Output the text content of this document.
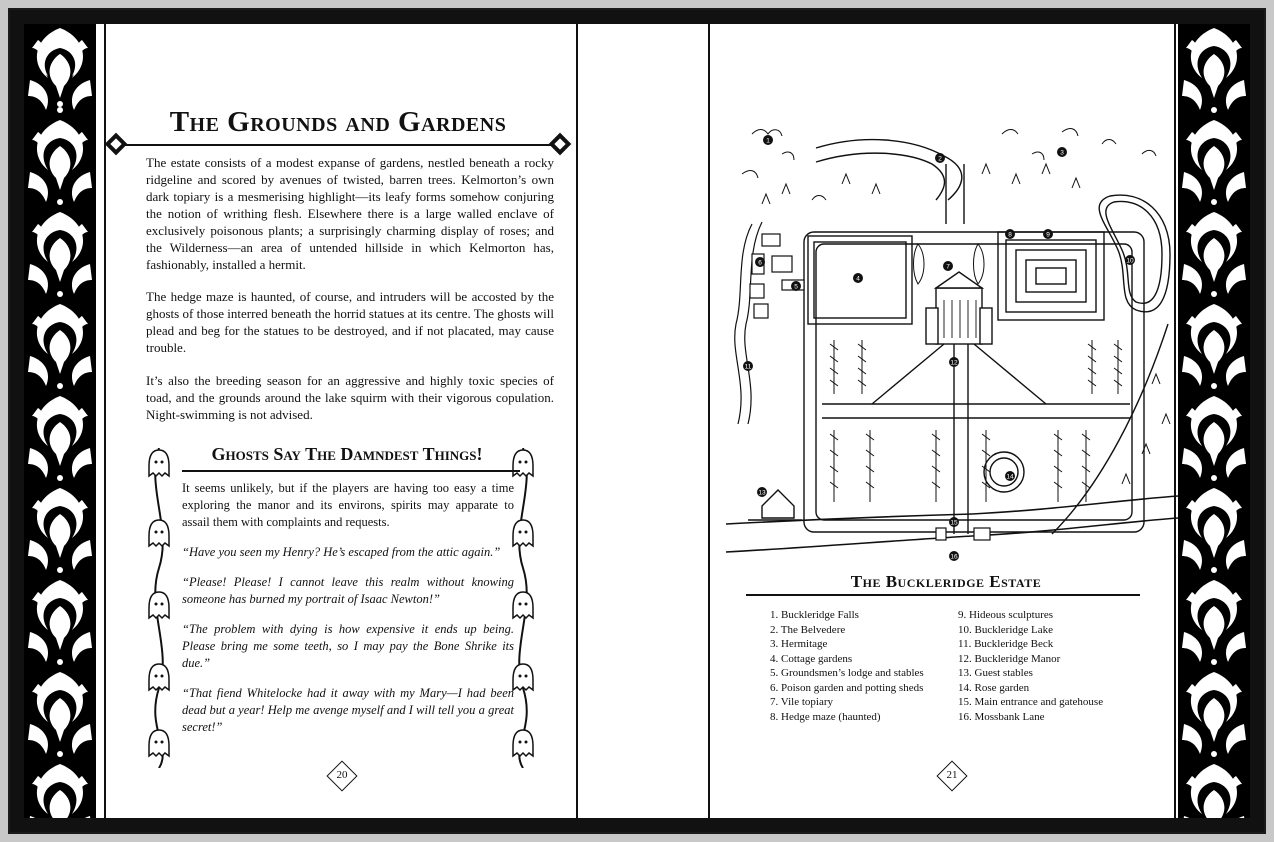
The Grounds and Gardens
The estate consists of a modest expanse of gardens, nestled beneath a rocky ridgeline and scored by avenues of twisted, barren trees. Kelmorton’s own dark topiary is a mesmerising highlight—its leafy forms somehow conjuring the notion of writhing flesh. Elsewhere there is a large walled enclave of exclusively poisonous plants; a surprisingly charming display of roses; and the Wilderness—an area of untended hillside in which Kelmorton has, fashionably, installed a hermit.
The hedge maze is haunted, of course, and intruders will be accosted by the ghosts of those interred beneath the horrid statues at its centre. The ghosts will plead and beg for the statues to be destroyed, and if not placated, may cause trouble.
It’s also the breeding season for an aggressive and highly toxic species of toad, and the grounds around the lake squirm with their vigorous copulation. Night-swimming is not advised.
Ghosts Say The Damndest Things!
It seems unlikely, but if the players are having too easy a time exploring the manor and its environs, spirits may apparate to assail them with complaints and requests.
“Have you seen my Henry? He’s escaped from the attic again.”
“Please! Please! I cannot leave this realm without knowing someone has burned my portrait of Isaac Newton!”
“The problem with dying is how expensive it ends up being. Please bring me some teeth, so I may pay the Bone Shrike its due.”
“That fiend Whitelocke had it away with my Mary—I had been dead but a year! Help me avenge myself and I will tell you a great secret!”
20
1
2
3
4
5
6
7
8	9
10
11
12
13
14
15
16
The Buckleridge Estate
1. Buckleridge Falls
2. The Belvedere
3. Hermitage
4. Cottage gardens
5. Groundsmen’s lodge and stables
6. Poison garden and potting sheds
7. Vile topiary
8. Hedge maze (haunted)
9. Hideous sculptures
10. Buckleridge Lake
11. Buckleridge Beck
12. Buckleridge Manor
13. Guest stables
14. Rose garden
15. Main entrance and gatehouse
16. Mossbank Lane
21
